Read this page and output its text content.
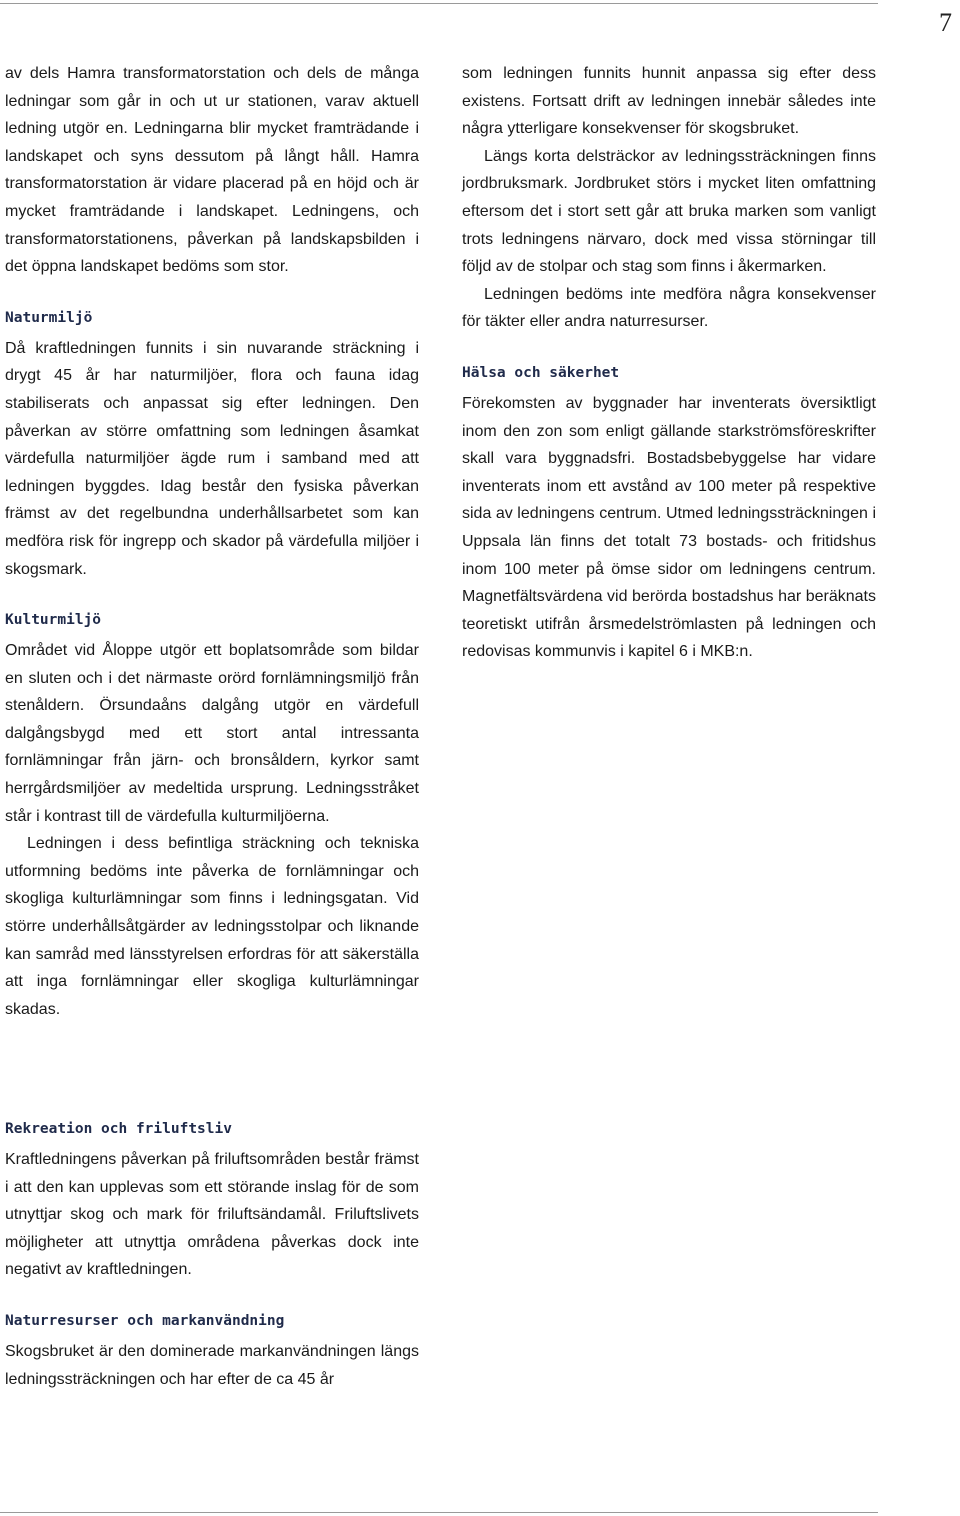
7

av dels Hamra transformatorstation och dels de många ledningar som går in och ut ur stationen, varav aktuell ledning utgör en. Ledningarna blir mycket framträdande i landskapet och syns dessutom på långt håll. Hamra transformatorstation är vidare placerad på en höjd och är mycket framträdande i landskapet. Ledningens, och transformatorstationens, påverkan på landskapsbilden i det öppna landskapet bedöms som stor.

Naturmiljö

Då kraftledningen funnits i sin nuvarande sträckning i drygt 45 år har naturmiljöer, flora och fauna idag stabiliserats och anpassat sig efter ledningen. Den påverkan av större omfattning som ledningen åsamkat värdefulla naturmiljöer ägde rum i samband med att ledningen byggdes. Idag består den fysiska påverkan främst av det regelbundna underhållsarbetet som kan medföra risk för ingrepp och skador på värdefulla miljöer i skogsmark.

Kulturmiljö

Området vid Åloppe utgör ett boplatsområde som bildar en sluten och i det närmaste orörd fornlämningsmiljö från stenåldern. Örsundaåns dalgång utgör en värdefull dalgångsbygd med ett stort antal intressanta fornlämningar från järn- och bronsåldern, kyrkor samt herrgårdsmiljöer av medeltida ursprung. Ledningsstråket står i kontrast till de värdefulla kulturmiljöerna.

Ledningen i dess befintliga sträckning och tekniska utformning bedöms inte påverka de fornlämningar och skogliga kulturlämningar som finns i ledningsgatan. Vid större underhållsåtgärder av ledningsstolpar och liknande kan samråd med länsstyrelsen erfordras för att säkerställa att inga fornlämningar eller skogliga kulturlämningar skadas.

som ledningen funnits hunnit anpassa sig efter dess existens. Fortsatt drift av ledningen innebär således inte några ytterligare konsekvenser för skogsbruket.

Längs korta delsträckor av ledningssträckningen finns jordbruksmark. Jordbruket störs i mycket liten omfattning eftersom det i stort sett går att bruka marken som vanligt trots ledningens närvaro, dock med vissa störningar till följd av de stolpar och stag som finns i åkermarken.

Ledningen bedöms inte medföra några konsekvenser för täkter eller andra naturresurser.

Hälsa och säkerhet

Förekomsten av byggnader har inventerats översiktligt inom den zon som enligt gällande starkströmsföreskrifter skall vara byggnadsfri. Bostadsbebyggelse har vidare inventerats inom ett avstånd av 100 meter på respektive sida av ledningens centrum. Utmed ledningssträckningen i Uppsala län finns det totalt 73 bostads- och fritidshus inom 100 meter på ömse sidor om ledningens centrum. Magnetfältsvärdena vid berörda bostadshus har beräknats teoretiskt utifrån årsmedelströmlasten på ledningen och redovisas kommunvis i kapitel 6 i MKB:n.

Rekreation och friluftsliv

Kraftledningens påverkan på friluftsområden består främst i att den kan upplevas som ett störande inslag för de som utnyttjar skog och mark för friluftsändamål. Friluftslivets möjligheter att utnyttja områdena påverkas dock inte negativt av kraftledningen.

Naturresurser och markanvändning

Skogsbruket är den dominerade markanvändningen längs ledningssträckningen och har efter de ca 45 år
